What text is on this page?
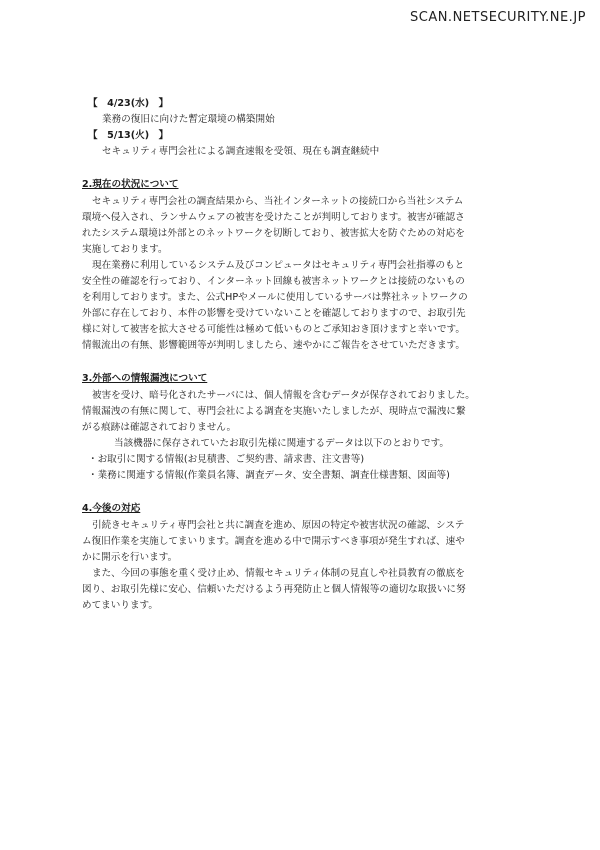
SCAN.NETSECURITY.NE.JP
【　4/23(水)　】
業務の復旧に向けた暫定環境の構築開始
【　5/13(火)　】
セキュリティ専門会社による調査速報を受領、現在も調査継続中
2.現在の状況について
セキュリティ専門会社の調査結果から、当社インターネットの接続口から当社システム
環境へ侵入され、ランサムウェアの被害を受けたことが判明しております。被害が確認さ
れたシステム環境は外部とのネットワークを切断しており、被害拡大を防ぐための対応を
実施しております。
現在業務に利用しているシステム及びコンピュータはセキュリティ専門会社指導のもと
安全性の確認を行っており、インターネット回線も被害ネットワークとは接続のないもの
を利用しております。また、公式HPやメールに使用しているサーバは弊社ネットワークの
外部に存在しており、本件の影響を受けていないことを確認しておりますので、お取引先
様に対して被害を拡大させる可能性は極めて低いものとご承知おき頂けますと幸いです。
情報流出の有無、影響範囲等が判明しましたら、速やかにご報告をさせていただきます。
3.外部への情報漏洩について
被害を受け、暗号化されたサーバには、個人情報を含むデータが保存されておりました。
情報漏洩の有無に関して、専門会社による調査を実施いたしましたが、現時点で漏洩に繋
がる痕跡は確認されておりません。
当該機器に保存されていたお取引先様に関連するデータは以下のとおりです。
・お取引に関する情報(お見積書、ご契約書、請求書、注文書等)
・業務に関連する情報(作業員名簿、調査データ、安全書類、調査仕様書類、図面等)
4.今後の対応
引続きセキュリティ専門会社と共に調査を進め、原因の特定や被害状況の確認、システ
ム復旧作業を実施してまいります。調査を進める中で開示すべき事項が発生すれば、速や
かに開示を行います。
また、今回の事態を重く受け止め、情報セキュリティ体制の見直しや社員教育の徹底を
図り、お取引先様に安心、信頼いただけるよう再発防止と個人情報等の適切な取扱いに努
めてまいります。
